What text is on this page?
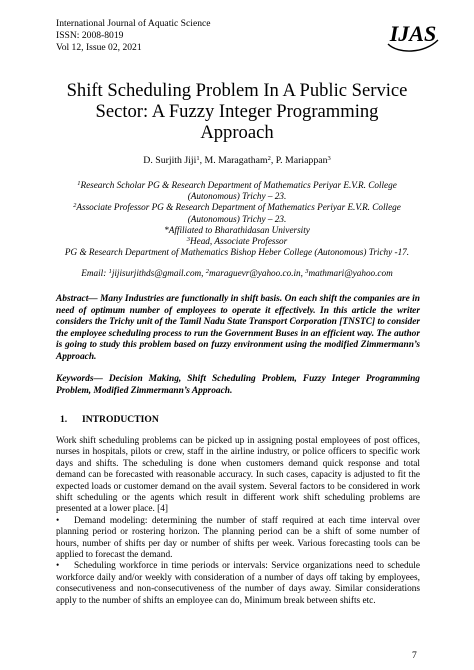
International Journal of Aquatic Science
ISSN: 2008-8019
Vol 12, Issue 02, 2021
IJAS
Shift Scheduling Problem In A Public Service
Sector: A Fuzzy Integer Programming
Approach
D. Surjith Jiji$^1$, M. Maragatham$^2$, P. Mariappan$^3$
$^1$Research Scholar PG & Research Department of Mathematics Periyar E.V.R. College
(Autonomous) Trichy – 23.
$^2$Associate Professor PG & Research Department of Mathematics Periyar E.V.R. College
(Autonomous) Trichy – 23.
*Affiliated to Bharathidasan University
$^3$Head, Associate Professor
PG & Research Department of Mathematics Bishop Heber College (Autonomous) Trichy -17.
Email: $^1$jijisurjithds@gmail.com, $^2$maraguevr@yahoo.co.in, $^3$mathmari@yahoo.com
Abstract— Many Industries are functionally in shift basis. On each shift the companies are in need of optimum number of employees to operate it effectively. In this article the writer considers the Trichy unit of the Tamil Nadu State Transport Corporation [TNSTC] to consider the employee scheduling process to run the Government Buses in an efficient way. The author is going to study this problem based on fuzzy environment using the modified Zimmermann’s Approach.
Keywords— Decision Making, Shift Scheduling Problem, Fuzzy Integer Programming Problem, Modified Zimmermann’s Approach.
1. INTRODUCTION

Work shift scheduling problems can be picked up in assigning postal employees of post offices, nurses in hospitals, pilots or crew, staff in the airline industry, or police officers to specific work days and shifts. The scheduling is done when customers demand quick response and total demand can be forecasted with reasonable accuracy. In such cases, capacity is adjusted to fit the expected loads or customer demand on the avail system. Several factors to be considered in work shift scheduling or the agents which result in different work shift scheduling problems are presented at a lower place. [4]

• Demand modeling: determining the number of staff required at each time interval over planning period or rostering horizon. The planning period can be a shift of some number of hours, number of shifts per day or number of shifts per week. Various forecasting tools can be applied to forecast the demand.

• Scheduling workforce in time periods or intervals: Service organizations need to schedule workforce daily and/or weekly with consideration of a number of days off taking by employees, consecutiveness and non-consecutiveness of the number of days away. Similar considerations apply to the number of shifts an employee can do, Minimum break between shifts etc.

7
